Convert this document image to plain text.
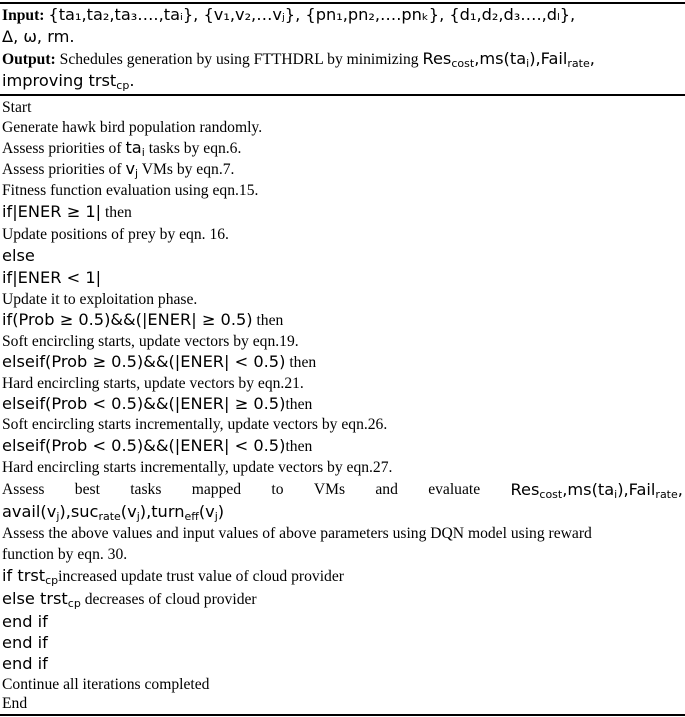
Input: {ta₁,ta₂,ta₃….,taᵢ}, {v₁,v₂,…vⱼ}, {pn₁,pn₂,….pnₖ}, {d₁,d₂,d₃….,dₗ},
Δ, ω, rm.
Output: Schedules generation by using FTTHDRL by minimizing $Res_{cost},ms(ta_i),Fail_{rate}$,
improving trst$_{cp}$.
Start
Generate hawk bird population randomly.
Assess priorities of $ta_i$ tasks by eqn.6.
Assess priorities of $v_j$ VMs by eqn.7.
Fitness function evaluation using eqn.15.
if|ENER ≥ 1| then
Update positions of prey by eqn. 16.
else
if|ENER < 1|
Update it to exploitation phase.
if(Prob ≥ 0.5)&&(|ENER| ≥ 0.5) then
Soft encircling starts, update vectors by eqn.19.
elseif(Prob ≥ 0.5)&&(|ENER| < 0.5) then
Hard encircling starts, update vectors by eqn.21.
elseif(Prob < 0.5)&&(|ENER| ≥ 0.5)then
Soft encircling starts incrementally, update vectors by eqn.26.
elseif(Prob < 0.5)&&(|ENER| < 0.5)then
Hard encircling starts incrementally, update vectors by eqn.27.
Assess best tasks mapped to VMs and evaluate $Res_{cost},ms(ta_i),Fail_{rate}$,
$avail(v_j),suc_{rate}(v_j),turn_{eff}(v_j)$
Assess the above values and input values of above parameters using DQN model using reward
function by eqn. 30.
if trst$_{cp}$increased update trust value of cloud provider
else trst$_{cp}$ decreases of cloud provider
end if
end if
end if
Continue all iterations completed
End
